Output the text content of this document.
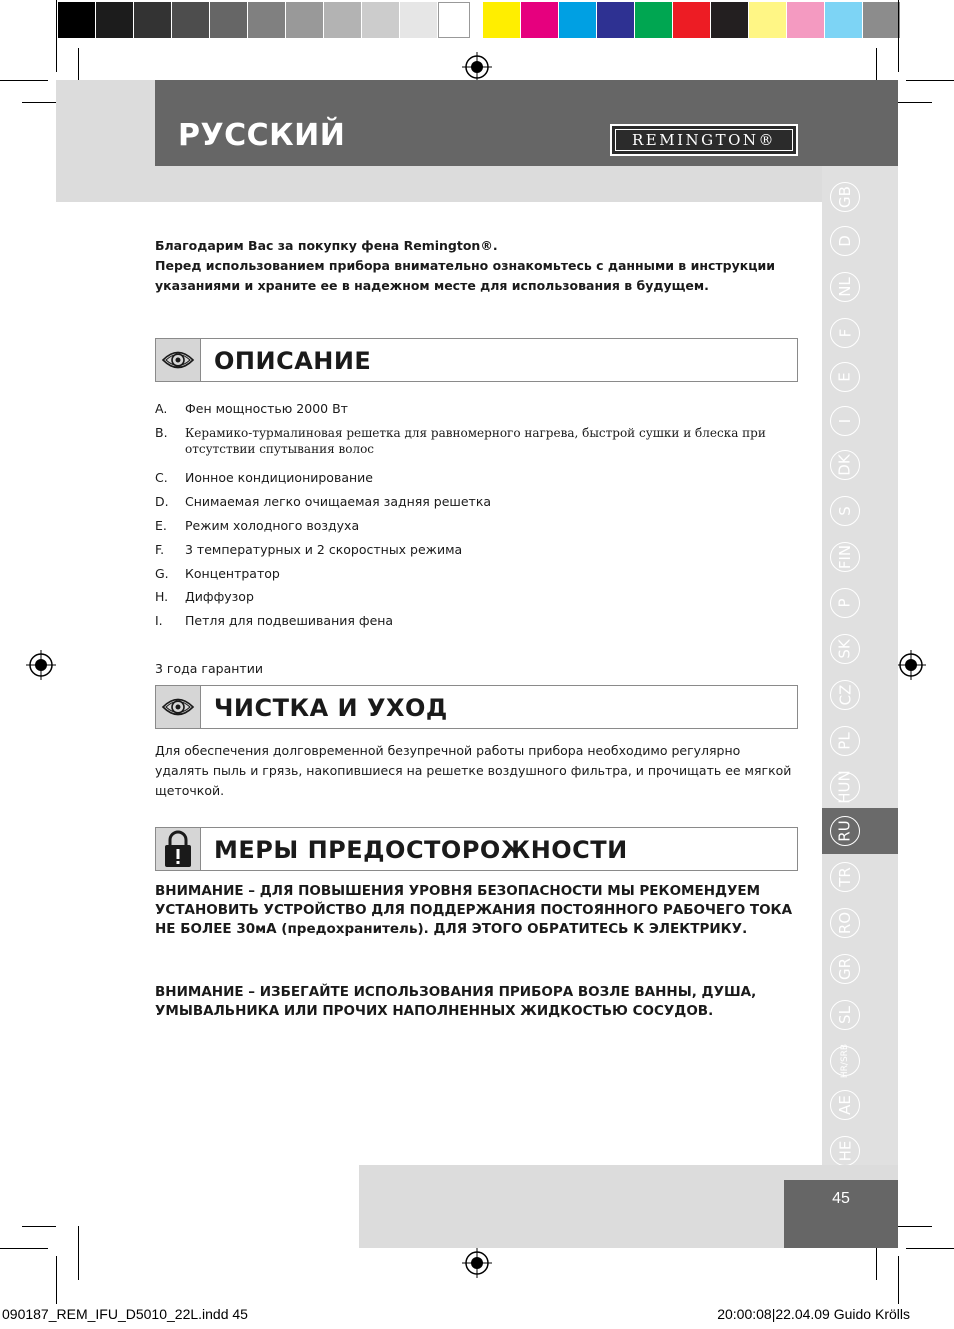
РУССКИЙ	REMINGTON®
GB
D
NL
F
E
I
DK
S
FIN
P
SK
CZ
PL
HUN
RU
TR
RO
GR
SL
HR/SRB
AE
HE
Благодарим Вас за покупку фена Remington®.
Перед использованием прибора внимательно ознакомьтесь с данными в инструкции указаниями и храните ее в надежном месте для использования в будущем.
ОПИСАНИЕ
A.	Фен мощностью 2000 Вт
B.	Керамико-турмалиновая решетка для равномерного нагрева, быстрой сушки и блеска при отсутствии спутывания волос
C.	Ионное кондиционирование
D.	Снимаемая легко очищаемая задняя решетка
E.	Режим холодного воздуха
F.	3 температурных и 2 скоростных режима
G.	Концентратор
H.	Диффузор
I.	Петля для подвешивания фена
3 года гарантии
ЧИСТКА И УХОД
Для обеспечения долговременной безупречной работы прибора необходимо регулярно удалять пыль и грязь, накопившиеся на решетке воздушного фильтра, и прочищать ее мягкой щеточкой.
МЕРЫ ПРЕДОСТОРОЖНОСТИ
ВНИМАНИЕ – ДЛЯ ПОВЫШЕНИЯ УРОВНЯ БЕЗОПАСНОСТИ МЫ РЕКОМЕНДУЕМ УСТАНОВИТЬ УСТРОЙСТВО ДЛЯ ПОДДЕРЖАНИЯ ПОСТОЯННОГО РАБОЧЕГО ТОКА НЕ БОЛЕЕ 30мА (предохранитель). ДЛЯ ЭТОГО ОБРАТИТЕСЬ К ЭЛЕКТРИКУ.
ВНИМАНИЕ – ИЗБЕГАЙТЕ ИСПОЛЬЗОВАНИЯ ПРИБОРА ВОЗЛЕ ВАННЫ, ДУША, УМЫВАЛЬНИКА ИЛИ ПРОЧИХ НАПОЛНЕННЫХ ЖИДКОСТЬЮ СОСУДОВ.
45
090187_REM_IFU_D5010_22L.indd 45	20:00:08|22.04.09 Guido Krölls
